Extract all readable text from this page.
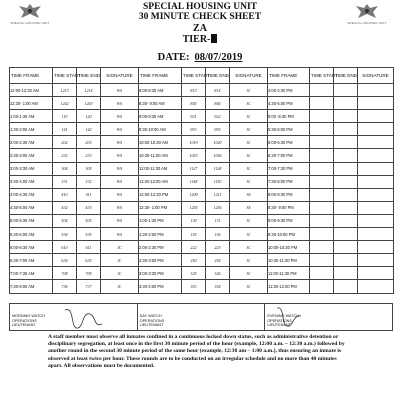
SPECIAL HOUSING UNIT	SPECIAL HOUSING UNIT
SPECIAL HOUSING UNIT
30 MINUTE CHECK SHEET
ZA
TIER-
DATE: 08/07/2019
TIME FRAME	TIME START	TIME END	SIGNATURE	TIME FRAME	TIME START	TIME END	SIGNATURE	TIME FRAME	TIME START	TIME END	SIGNATURE
12:00-12:30 AM	1213	1214	WS	8:00-8:30 AM	813	814	JC	4:00-4:30 PM			
12:30- 1:00 AM	1242	1243	WS	8:30- 9:00 AM	845	846	JC	4:30-5:00 PM			
1:00-1:30 AM	119	120	WS	9:00-9:30 AM	921	922	JC	5:00 -5:30 PM			
1:30-2:00 AM	141	142	WS	9:30-10:00 AM	953	955	JC	5:30-6:00 PM			
2:00-2:30 AM	202	203	WS	10:00-10:30 AM	1019	1020	JC	6:00-6:30 PM			
2:30-3:00 AM	232	233	WS	10:30-11:00 AM	1053	1056	JC	6:30-7:00 PM			
3:00-3:30 AM	304	305	WS	11:00-11:30 AM	1127	1128	JC	7:00-7:30 PM			
3:30-4:00 AM	331	332	WS	11:30-12:00 AM	1148	1150	JC	7:30-8:00 PM			
4:00-4:30 AM	410	411	WS	12:00-12:30 PM	1209	1211	SS	8:00-8:30 PM			
4:30-5:00 AM	432	433	WS	12:30- 1:00 PM	1255	1256	SS	8:30- 9:00 PM			
5:00-5:30 AM	504	505	WS	1:00-1:30 PM	130	131	JC	9:00-9:30 PM			
5:30-6:00 AM	534	535	WS	1:30-2:00 PM	155	156	JC	9:30-10:00 PM			
6:00-6:30 AM	610	611	JC	2:00-2:30 PM	222	223	JC	10:00-10:30 PM			
6:30-7:00 AM	634	635	JC	2:30-3:00 PM	250	254	JC	10:30-11:00 PM			
7:00-7:30 AM	708	709	JC	3:00-3:30 PM	325	326	JC	11:00-11:30 PM			
7:30-8:00 AM	736	737	JC	3:30-4:00 PM	353	354	JC	11:30-12:00 PM			
MORNING WATCH OPERATIONS LIEUTENANT
DAY WATCH OPERATIONS LIEUTENANT
EVENING WATCH OPERATIONS LIEUTENANT
A staff member must observe all inmates confined in a continuous locked down status, such as administrative detention or disciplinary segregation, at least once in the first 30 minute period of the hour (example, 12:00 a.m. – 12:30 a.m.) followed by another round in the second 30 minute period of the same hour (example, 12:30 am – 1:00 a.m.), thus ensuring an inmate is observed at least twice per hour. These rounds are to be conducted on an irregular schedule and no more than 40 minutes apart. All observations must be documented.
